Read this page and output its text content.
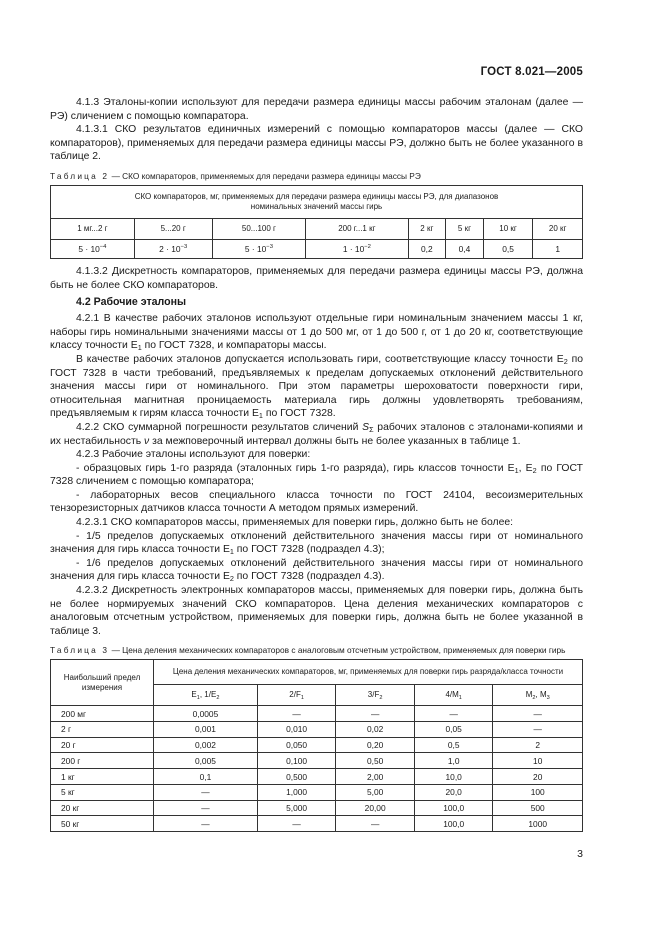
ГОСТ 8.021—2005

4.1.3 Эталоны-копии используют для передачи размера единицы массы рабочим эталонам (далее — РЭ) сличением с помощью компаратора.

4.1.3.1 СКО результатов единичных измерений с помощью компараторов массы (далее — СКО компараторов), применяемых для передачи размера единицы массы РЭ, должно быть не более указанного в таблице 2.

Таблица 2 — СКО компараторов, применяемых для передачи размера единицы массы РЭ
СКО компараторов, мг, применяемых для передачи размера единицы массы РЭ, для диапазонов номинальных значений массы гирь							
1 мг...2 г	5...20 г	50...100 г	200 г...1 кг	2 кг	5 кг	10 кг	20 кг
$5 \cdot 10^{-4}$	$2 \cdot 10^{-3}$	$5 \cdot 10^{-3}$	$1 \cdot 10^{-2}$	0,2	0,4	0,5	1

4.1.3.2 Дискретность компараторов, применяемых для передачи размера единицы массы РЭ, должна быть не более СКО компараторов.

4.2 Рабочие эталоны

4.2.1 В качестве рабочих эталонов используют отдельные гири номинальным значением массы 1 кг, наборы гирь номинальными значениями массы от 1 до 500 мг, от 1 до 500 г, от 1 до 20 кг, соответствующие классу точности $E_1$ по ГОСТ 7328, и компараторы массы.

В качестве рабочих эталонов допускается использовать гири, соответствующие классу точности $E_2$ по ГОСТ 7328 в части требований, предъявляемых к пределам допускаемых отклонений действительного значения массы гири от номинального. При этом параметры шероховатости поверхности гири, относительная магнитная проницаемость материала гирь должны удовлетворять требованиям, предъявляемым к гирям класса точности $E_1$ по ГОСТ 7328.

4.2.2 СКО суммарной погрешности результатов сличений $S_\Sigma$ рабочих эталонов с эталонами-копиями и их нестабильность ν за межповерочный интервал должны быть не более указанных в таблице 1.

4.2.3 Рабочие эталоны используют для поверки:

- образцовых гирь 1-го разряда (эталонных гирь 1-го разряда), гирь классов точности $E_1$, $E_2$ по ГОСТ 7328 сличением с помощью компаратора;

- лабораторных весов специального класса точности по ГОСТ 24104, весоизмерительных тензорезисторных датчиков класса точности А методом прямых измерений.

4.2.3.1 СКО компараторов массы, применяемых для поверки гирь, должно быть не более:

- 1/5 пределов допускаемых отклонений действительного значения массы гири от номинального значения для гирь класса точности $E_1$ по ГОСТ 7328 (подраздел 4.3);

- 1/6 пределов допускаемых отклонений действительного значения массы гири от номинального значения для гирь класса точности $E_2$ по ГОСТ 7328 (подраздел 4.3).

4.2.3.2 Дискретность электронных компараторов массы, применяемых для поверки гирь, должна быть не более нормируемых значений СКО компараторов. Цена деления механических компараторов с аналоговым отсчетным устройством, применяемых для поверки гирь, должна быть не более указанной в таблице 3.

Таблица 3 — Цена деления механических компараторов с аналоговым отсчетным устройством, применяемых для поверки гирь
Наибольший предел измерения	Цена деления механических компараторов, мг, применяемых для поверки гирь разряда/класса точности				
	$E_1$, $1/E_2$	$2/F_1$	$3/F_2$	$4/M_1$	$M_2$, $M_3$
200 мг	0,0005	—	—	—	—
2 г	0,001	0,010	0,02	0,05	—
20 г	0,002	0,050	0,20	0,5	2
200 г	0,005	0,100	0,50	1,0	10
1 кг	0,1	0,500	2,00	10,0	20
5 кг	—	1,000	5,00	20,0	100
20 кг	—	5,000	20,00	100,0	500
50 кг	—	—	—	100,0	1000
3
